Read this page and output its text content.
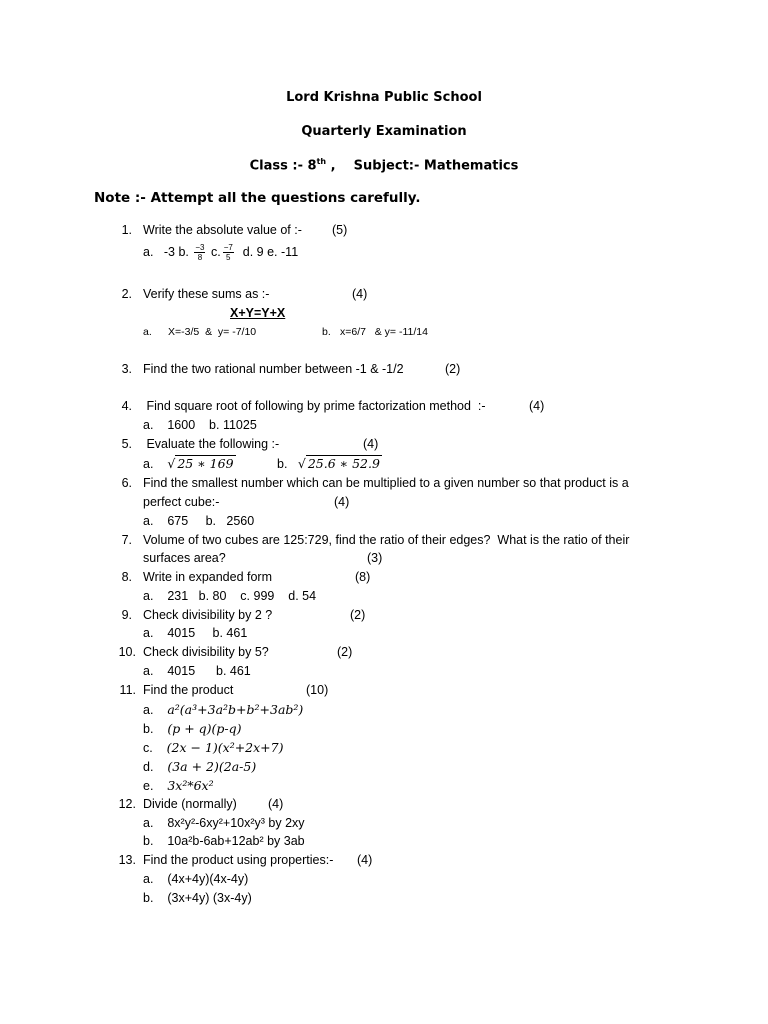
Lord Krishna Public School
Quarterly Examination
Class :- 8th ,    Subject:- Mathematics
Note :- Attempt all the questions carefully.
1. Write the absolute value of :- (5)
a. -3 b. $\frac{-3}{8} c$. $\frac{-7}{5} d$. 9 e. -11
2. Verify these sums as :-	(4)
X+Y=Y+X
a. X=-3/5  &  y= -7/10	b. x=6/7   & y= -11/14
3. Find the two rational number between -1 & -1/2	(2)
4. Find square root of following by prime factorization method  :-	(4)
a. 1600    b. 11025
5. Evaluate the following :-	(4)
a. √ 25 ∗ 169	b. √ 25.6 ∗ 52.9
6. Find the smallest number which can be multiplied to a given number so that product is a
perfect cube:-	(4)
a. 675     b.   2560
7. Volume of two cubes are 125:729, find the ratio of their edges?  What is the ratio of their
surfaces area?	(3)
8. Write in expanded form	(8)
a. 231   b. 80    c. 999    d. 54
9. Check divisibility by 2 ?	(2)
a. 4015     b. 461
10. Check divisibility by 5?	(2)
a. 4015      b. 461
11. Find the product	(10)
a. a²(a³+3a²b+b²+3ab²)
b. (p + q)(p-q)
c. (2x − 1)(x²+2x+7)
d. (3a + 2)(2a-5)
e. 3x²*6x²
12. Divide (normally) (4)
a. 8x²y²-6xy²+10x²y³ by 2xy
b. 10a²b-6ab+12ab² by 3ab
13. Find the product using properties:- (4)
a. (4x+4y)(4x-4y)
b. (3x+4y) (3x-4y)
